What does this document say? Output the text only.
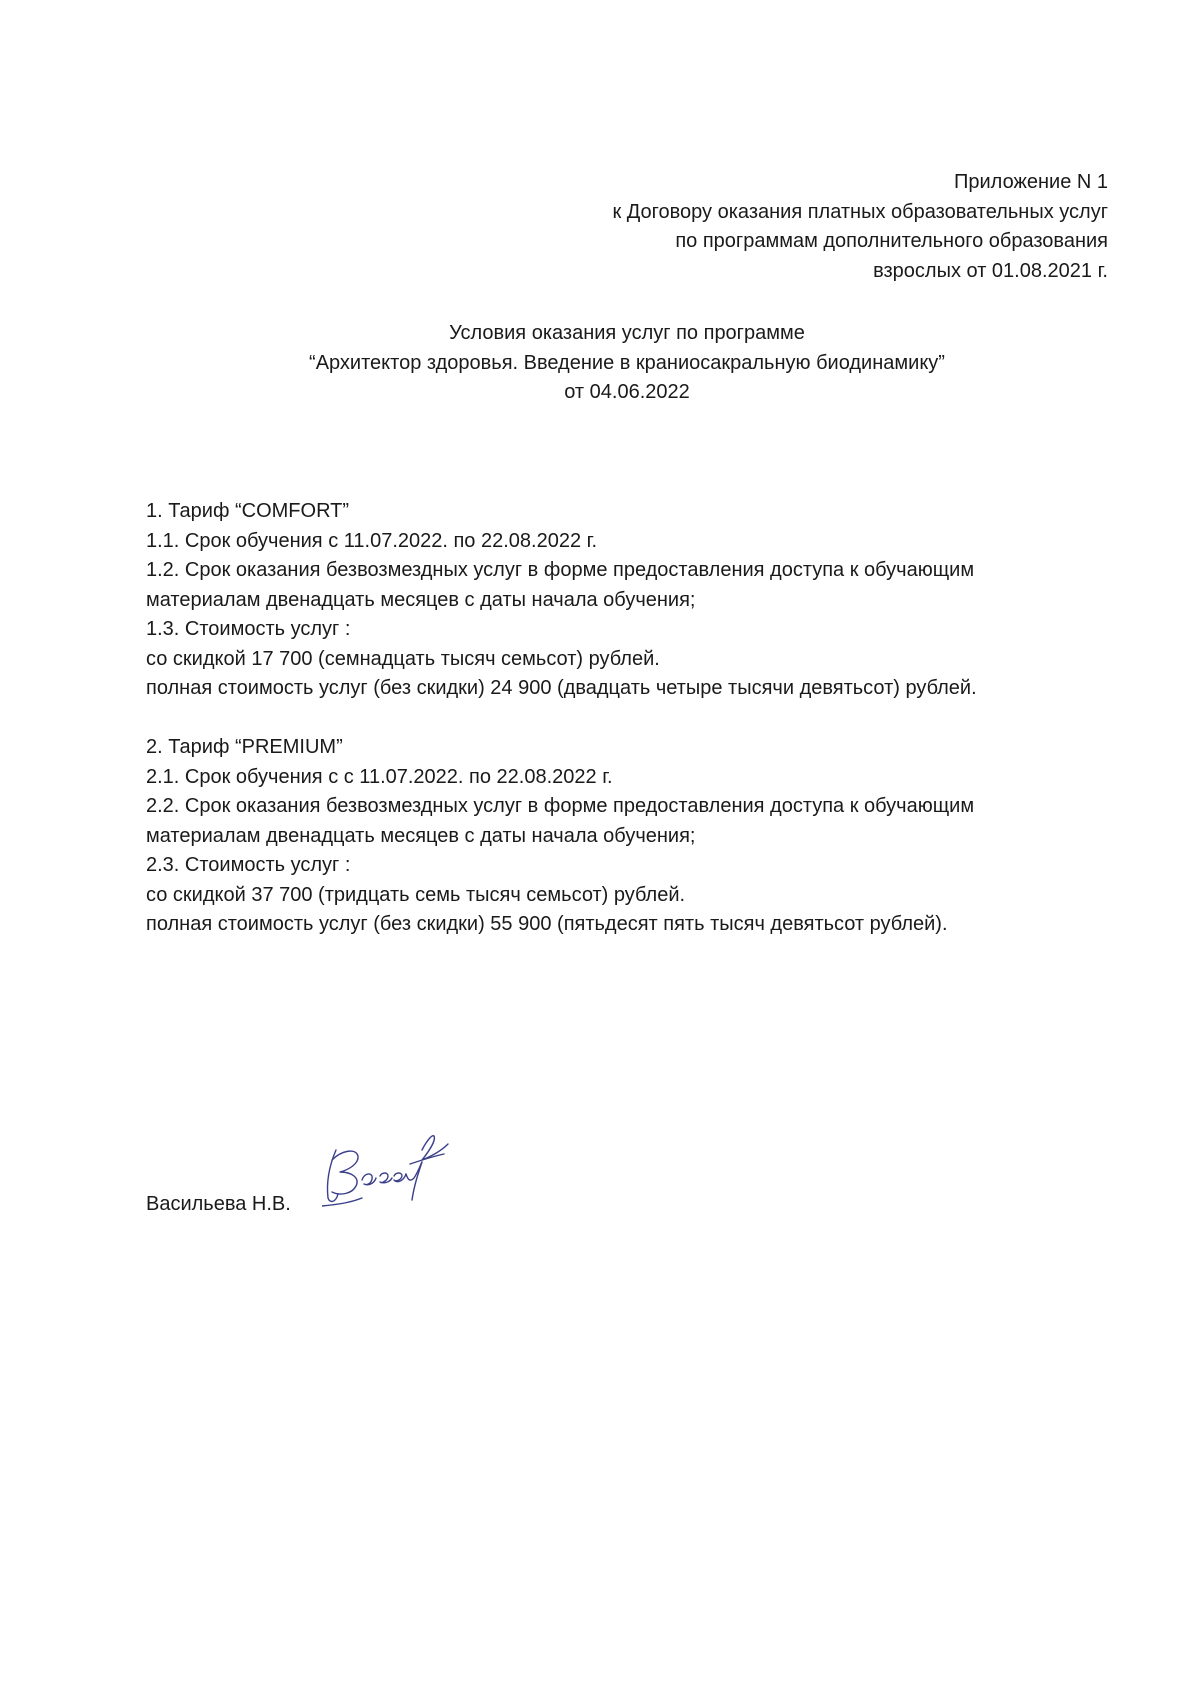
Приложение N 1
к Договору оказания платных образовательных услуг
по программам дополнительного образования
взрослых от 01.08.2021 г.
Условия оказания услуг по программе
“Архитектор здоровья. Введение в краниосакральную биодинамику”
от 04.06.2022
1. Тариф “COMFORT”
1.1. Срок обучения с 11.07.2022. по 22.08.2022 г.
1.2. Срок оказания безвозмездных услуг в форме предоставления доступа к обучающим
материалам двенадцать месяцев с даты начала обучения;
1.3. Стоимость услуг :
со скидкой 17 700 (семнадцать тысяч семьсот) рублей.
полная стоимость услуг (без скидки) 24 900 (двадцать четыре тысячи девятьсот) рублей.
2. Тариф “PREMIUM”
2.1. Срок обучения с с 11.07.2022. по 22.08.2022 г.
2.2. Срок оказания безвозмездных услуг в форме предоставления доступа к обучающим
материалам двенадцать месяцев с даты начала обучения;
2.3. Стоимость услуг :
со скидкой 37 700 (тридцать семь тысяч семьсот) рублей.
полная стоимость услуг (без скидки) 55 900 (пятьдесят пять тысяч девятьсот рублей).
Васильева Н.В.
